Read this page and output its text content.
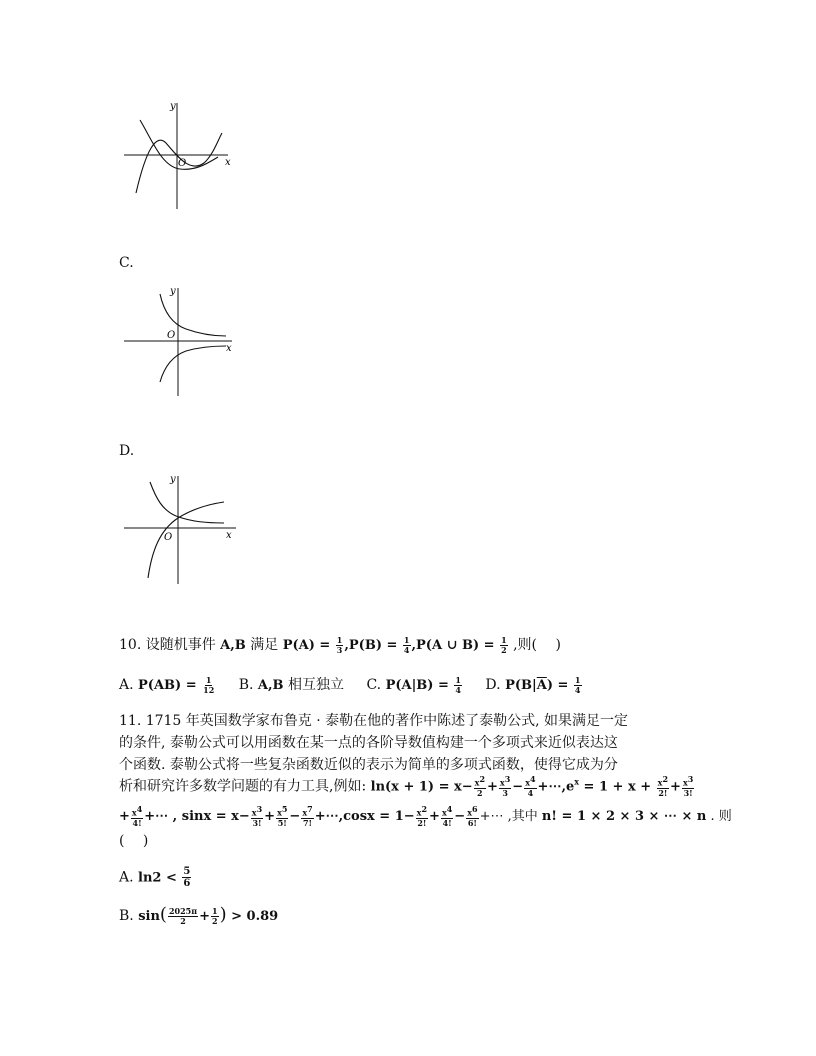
y
x
O
C.
y
x
O
D.
y
x
O
10. 设随机事件 A,B 满足 $P(A) = \frac{1}{3} ,P(B) = \frac{1}{4} ,P(A$ ∪ $B) = \frac{1}{2}$ ,则(　 )
A. $P(AB) = \frac{1}{12} B$. A,B 相互独立 C. $P(A|B) = \frac{1}{4} D$. $P(B|\overline{A}) = \frac{1}{4}$
11. 1715 年英国数学家布鲁克 · 泰勒在他的著作中陈述了泰勒公式, 如果满足一定
的条件, 泰勒公式可以用函数在某一点的各阶导数值构建一个多项式来近似表达这
个函数. 泰勒公式将一些复杂函数近似的表示为简单的多项式函数，使得它成为分
析和研究许多数学问题的有力工具,例如: $\ln(x + 1) = x- \frac{x2}{2} + \frac{x3}{3} - \frac{x4}{4}$ $+\cdots,e^x = 1 + x + \frac{x2}{2!} + \frac{x3}{3!}$
+ $\frac{x4}{4!}$ +⋯ , $\sin x = x- \frac{x3}{3!} + \frac{x5}{5!} - \frac{x7}{7!}$ +⋯,cosx = $1- \frac{x2}{2!} + \frac{x4}{4!} - \frac{x6}{6!}$ +⋯ ,其中 n! = 1 × 2 × 3 × ⋯ × n . 则
(　 )
A. $\ln 2 < \frac{5}{6}$
B. $\sin( \frac{2025\pi}{2} + \frac{1}{2}$ ) > 0.89
